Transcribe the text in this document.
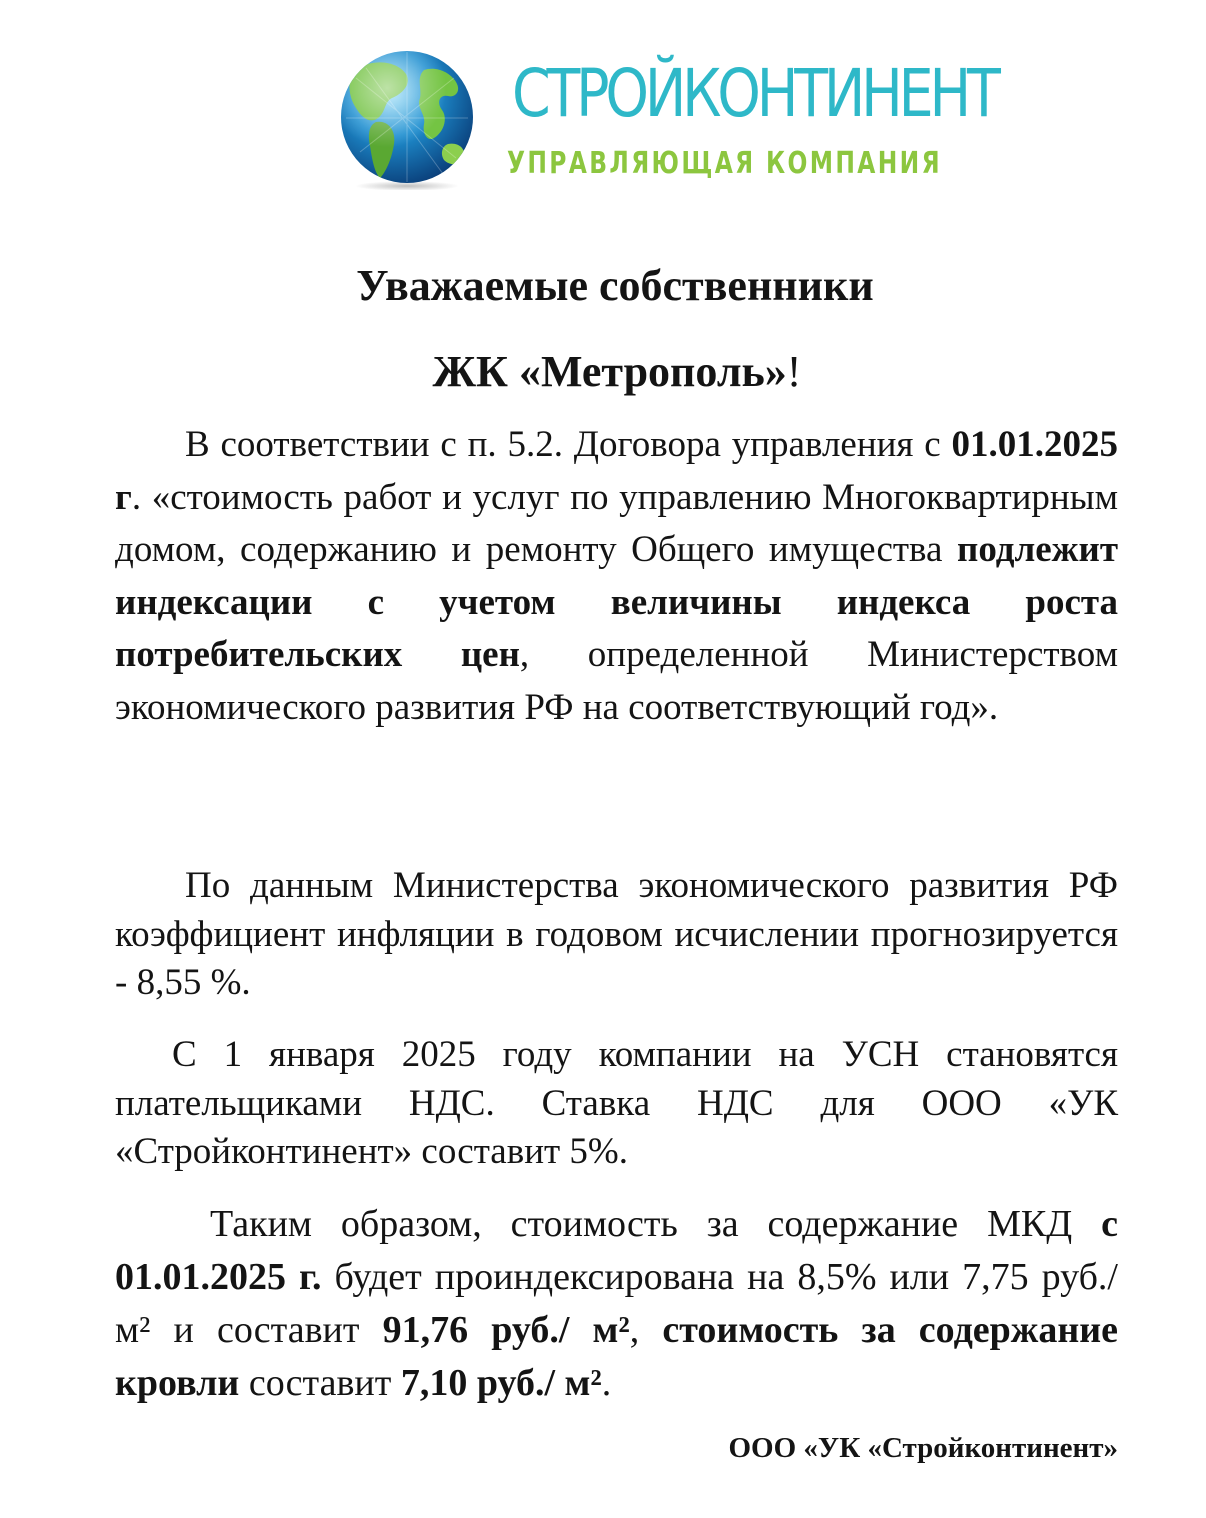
СТРОЙКОНТИНЕНТ
УПРАВЛЯЮЩАЯ КОМПАНИЯ
Уважаемые собственники
ЖК «Метрополь»!

В соответствии с п. 5.2. Договора управления с 01.01.2025 г. «стоимость работ и услуг по управлению Многоквартирным домом, содержанию и ремонту Общего имущества подлежит индексации с учетом величины индекса роста потребительских цен, определенной Министерством экономического развития РФ на соответствующий год».

По данным Министерства экономического развития РФ коэффициент инфляции в годовом исчислении прогнозируется - 8,55 %.

С 1 января 2025 году компании на УСН становятся плательщиками НДС. Ставка НДС для ООО «УК «Стройконтинент» составит 5%.

Таким образом, стоимость за содержание МКД с 01.01.2025 г. будет проиндексирована на 8,5% или 7,75 руб./м² и составит 91,76 руб./ м², стоимость за содержание кровли составит 7,10 руб./ м².

ООО «УК «Стройконтинент»
